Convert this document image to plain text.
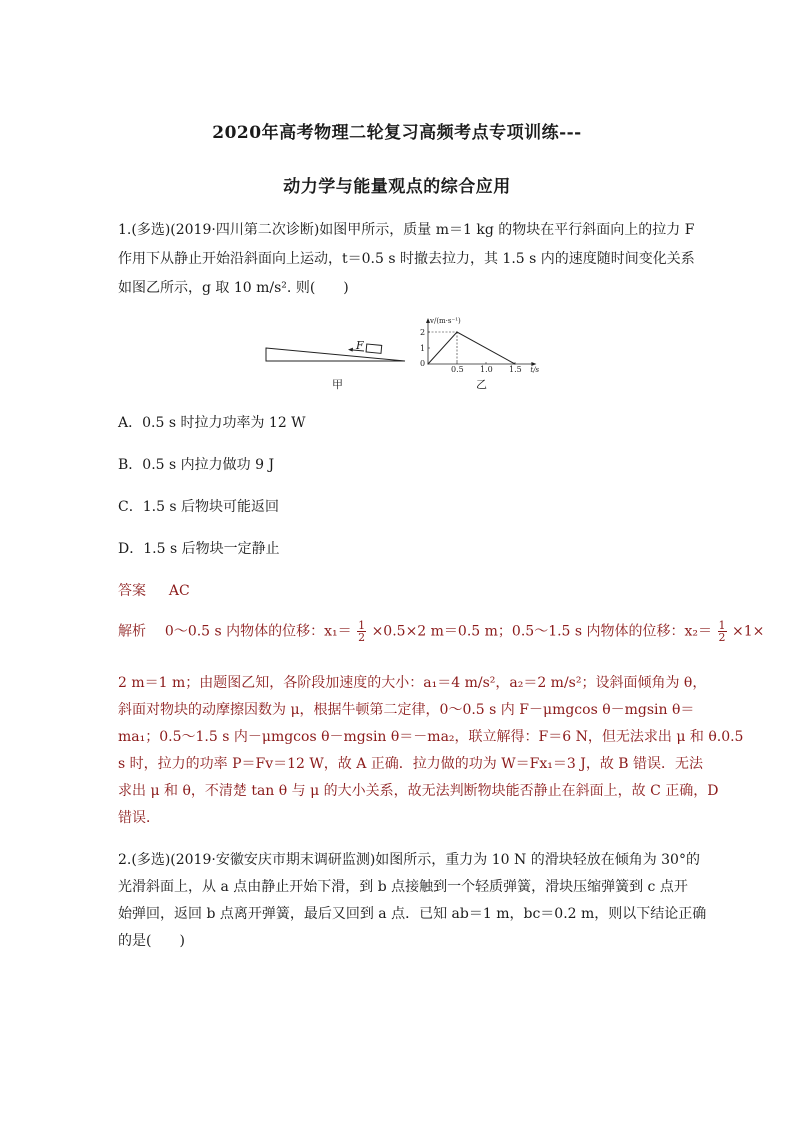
2020年高考物理二轮复习高频考点专项训练---
动力学与能量观点的综合应用
1.(多选)(2019·四川第二次诊断)如图甲所示，质量 m＝1 kg 的物块在平行斜面向上的拉力 F
作用下从静止开始沿斜面向上运动，t＝0.5 s 时撤去拉力，其 1.5 s 内的速度随时间变化关系
如图乙所示，g 取 10 m/s². 则(　　)
F
甲
v/(m·s⁻¹)
t/s
0
1
2
0.5 1.0 1.5
乙
A．0.5 s 时拉力功率为 12 W
B．0.5 s 内拉力做功 9 J
C．1.5 s 后物块可能返回
D．1.5 s 后物块一定静止
答案 AC
解析 0～0.5 s 内物体的位移：$x_1= \frac{1}{2} \times 0.5\times 2$ m＝0.5 m；0.5～1.5 s 内物体的位移：$x_2= \frac{1}{2} \times 1\times$
2 m＝1 m；由题图乙知，各阶段加速度的大小：a₁＝4 m/s²，a₂＝2 m/s²；设斜面倾角为 θ，
斜面对物块的动摩擦因数为 μ，根据牛顿第二定律，0～0.5 s 内 F－μmgcos θ－mgsin θ＝
ma₁；0.5～1.5 s 内－μmgcos θ－mgsin θ＝－ma₂，联立解得：F＝6 N，但无法求出 μ 和 θ.0.5
s 时，拉力的功率 P＝Fv＝12 W，故 A 正确．拉力做的功为 W＝Fx₁＝3 J，故 B 错误．无法
求出 μ 和 θ，不清楚 tan θ 与 μ 的大小关系，故无法判断物块能否静止在斜面上，故 C 正确，D
错误．
2.(多选)(2019·安徽安庆市期末调研监测)如图所示，重力为 10 N 的滑块轻放在倾角为 30°的
光滑斜面上，从 a 点由静止开始下滑，到 b 点接触到一个轻质弹簧，滑块压缩弹簧到 c 点开
始弹回，返回 b 点离开弹簧，最后又回到 a 点．已知 ab＝1 m，bc＝0.2 m，则以下结论正确
的是(　　)
